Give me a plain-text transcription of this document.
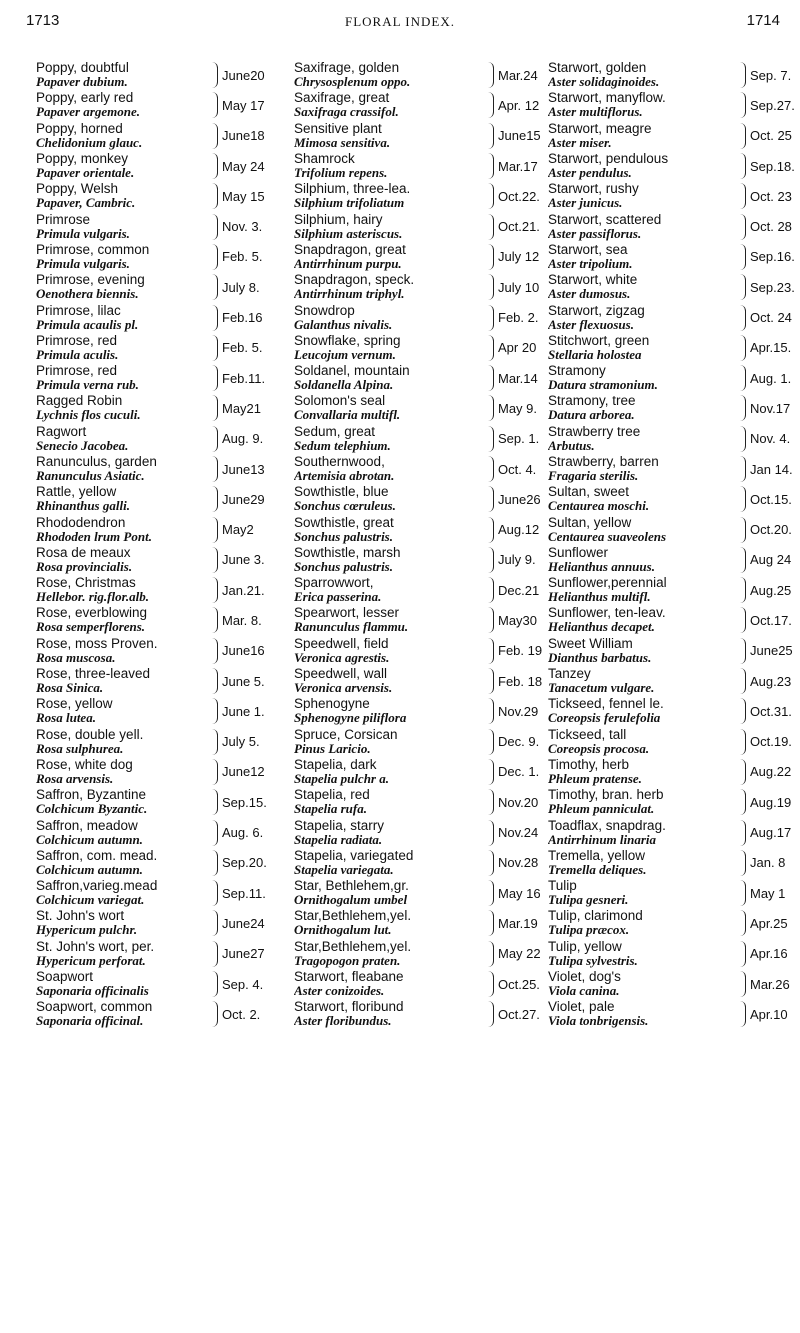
1713	FLORAL INDEX.	1714
Poppy, doubtful
Papaver dubium.	June20
Poppy, early red
Papaver argemone.	May 17
Poppy, horned
Chelidonium glauc.	June18
Poppy, monkey
Papaver orientale.	May 24
Poppy, Welsh
Papaver, Cambric.	May 15
Primrose
Primula vulgaris.	Nov. 3.
Primrose, common
Primula vulgaris.	Feb. 5.
Primrose, evening
Oenothera biennis.	July 8.
Primrose, lilac
Primula acaulis pl.	Feb.16
Primrose, red
Primula aculis.	Feb. 5.
Primrose, red
Primula verna rub.	Feb.11.
Ragged Robin
Lychnis flos cuculi.	May21
Ragwort
Senecio Jacobea.	Aug. 9.
Ranunculus, garden
Ranunculus Asiatic.	June13
Rattle, yellow
Rhinanthus galli.	June29
Rhododendron
Rhododen lrum Pont.	May2
Rosa de meaux
Rosa provincialis.	June 3.
Rose, Christmas
Hellebor. rig.flor.alb.	Jan.21.
Rose, everblowing
Rosa semperflorens.	Mar. 8.
Rose, moss Proven.
Rosa muscosa.	June16
Rose, three-leaved
Rosa Sinica.	June 5.
Rose, yellow
Rosa lutea.	June 1.
Rose, double yell.
Rosa sulphurea.	July 5.
Rose, white dog
Rosa arvensis.	June12
Saffron, Byzantine
Colchicum Byzantic.	Sep.15.
Saffron, meadow
Colchicum autumn.	Aug. 6.
Saffron, com. mead.
Colchicum autumn.	Sep.20.
Saffron,varieg.mead
Colchicum variegat.	Sep.11.
St. John's wort
Hypericum pulchr.	June24
St. John's wort, per.
Hypericum perforat.	June27
Soapwort
Saponaria officinalis	Sep. 4.
Soapwort, common
Saponaria officinal.	Oct. 2.
Saxifrage, golden
Chrysosplenum oppo.	Mar.24
Saxifrage, great
Saxifraga crassifol.	Apr. 12
Sensitive plant
Mimosa sensitiva.	June15
Shamrock
Trifolium repens.	Mar.17
Silphium, three-lea.
Silphium trifoliatum	Oct.22.
Silphium, hairy
Silphium asteriscus.	Oct.21.
Snapdragon, great
Antirrhinum purpu.	July 12
Snapdragon, speck.
Antirrhinum triphyl.	July 10
Snowdrop
Galanthus nivalis.	Feb. 2.
Snowflake, spring
Leucojum vernum.	Apr 20
Soldanel, mountain
Soldanella Alpina.	Mar.14
Solomon's seal
Convallaria multifl.	May 9.
Sedum, great
Sedum telephium.	Sep. 1.
Southernwood,
Artemisia abrotan.	Oct. 4.
Sowthistle, blue
Sonchus cœruleus.	June26
Sowthistle, great
Sonchus palustris.	Aug.12
Sowthistle, marsh
Sonchus palustris.	July 9.
Sparrowwort,
Erica passerina.	Dec.21
Spearwort, lesser
Ranunculus flammu.	May30
Speedwell, field
Veronica agrestis.	Feb. 19
Speedwell, wall
Veronica arvensis.	Feb. 18
Sphenogyne
Sphenogyne piliflora	Nov.29
Spruce, Corsican
Pinus Laricio.	Dec. 9.
Stapelia, dark
Stapelia pulchr a.	Dec. 1.
Stapelia, red
Stapelia rufa.	Nov.20
Stapelia, starry
Stapelia radiata.	Nov.24
Stapelia, variegated
Stapelia variegata.	Nov.28
Star, Bethlehem,gr.
Ornithogalum umbel	May 16
Star,Bethlehem,yel.
Ornithogalum lut.	Mar.19
Star,Bethlehem,yel.
Tragopogon praten.	May 22
Starwort, fleabane
Aster conizoides.	Oct.25.
Starwort, floribund
Aster floribundus.	Oct.27.
Starwort, golden
Aster solidaginoides.	Sep. 7.
Starwort, manyflow.
Aster multiflorus.	Sep.27.
Starwort, meagre
Aster miser.	Oct. 25
Starwort, pendulous
Aster pendulus.	Sep.18.
Starwort, rushy
Aster junicus.	Oct. 23
Starwort, scattered
Aster passiflorus.	Oct. 28
Starwort, sea
Aster tripolium.	Sep.16.
Starwort, white
Aster dumosus.	Sep.23.
Starwort, zigzag
Aster flexuosus.	Oct. 24
Stitchwort, green
Stellaria holostea	Apr.15.
Stramony
Datura stramonium.	Aug. 1.
Stramony, tree
Datura arborea.	Nov.17
Strawberry tree
Arbutus.	Nov. 4.
Strawberry, barren
Fragaria sterilis.	Jan 14.
Sultan, sweet
Centaurea moschi.	Oct.15.
Sultan, yellow
Centaurea suaveolens	Oct.20.
Sunflower
Helianthus annuus.	Aug 24
Sunflower,perennial
Helianthus multifl.	Aug.25
Sunflower, ten-leav.
Helianthus decapet.	Oct.17.
Sweet William
Dianthus barbatus.	June25
Tanzey
Tanacetum vulgare.	Aug.23
Tickseed, fennel le.
Coreopsis ferulefolia	Oct.31.
Tickseed, tall
Coreopsis procosa.	Oct.19.
Timothy, herb
Phleum pratense.	Aug.22
Timothy, bran. herb
Phleum panniculat.	Aug.19
Toadflax, snapdrag.
Antirrhinum linaria	Aug.17
Tremella, yellow
Tremella deliques.	Jan. 8
Tulip
Tulipa gesneri.	May 1
Tulip, clarimond
Tulipa præcox.	Apr.25
Tulip, yellow
Tulipa sylvestris.	Apr.16
Violet, dog's
Viola canina.	Mar.26
Violet, pale
Viola tonbrigensis.	Apr.10
